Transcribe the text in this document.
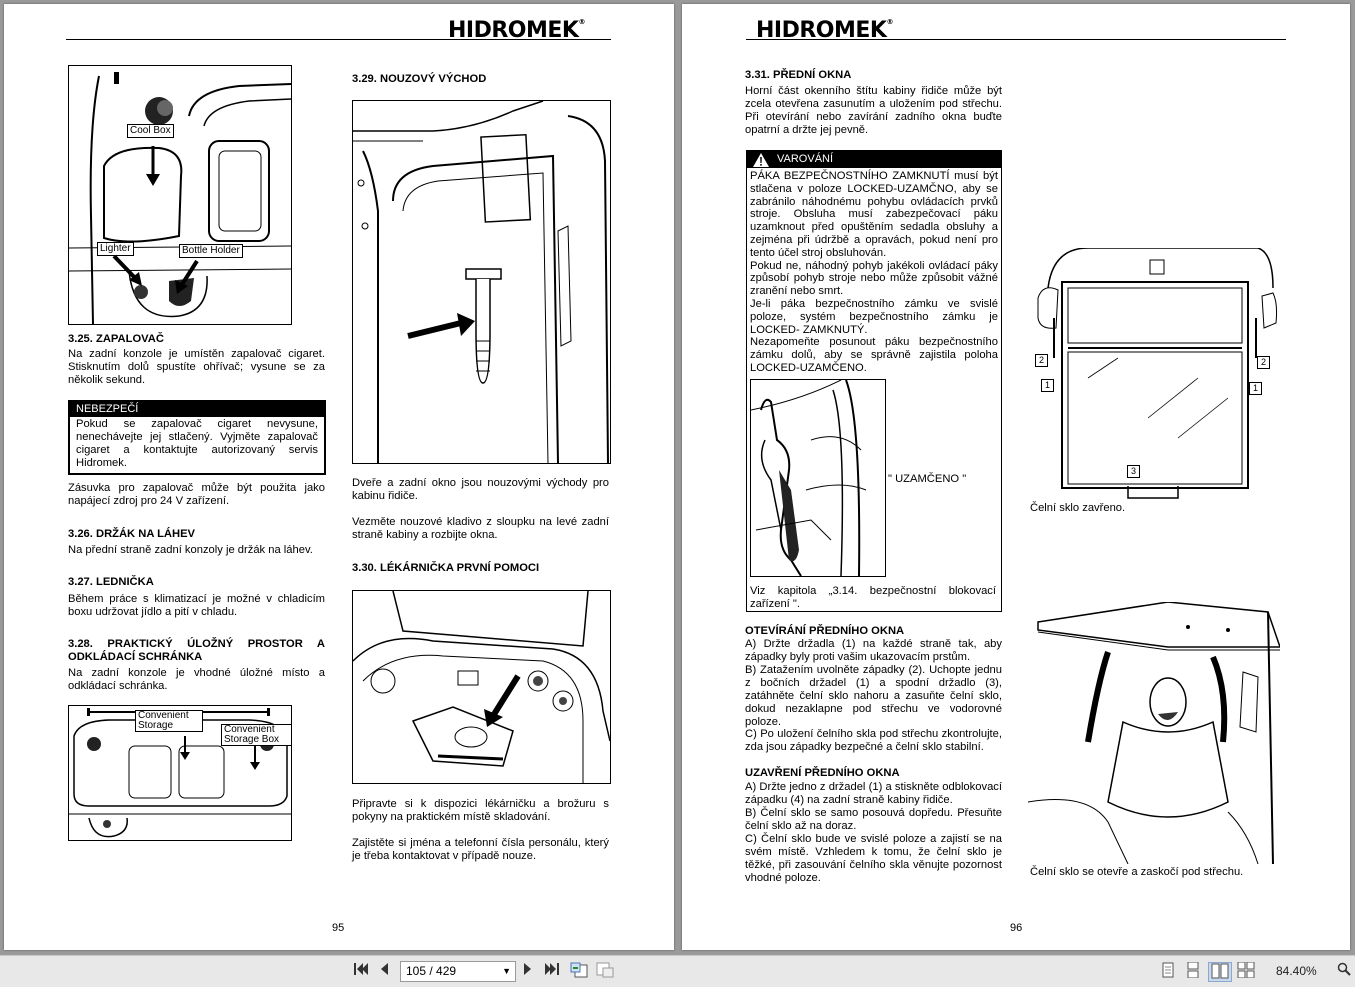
HIDROMEK®
Cool Box
Lighter	Bottle Holder

3.25. ZAPALOVAČ

Na zadní konzole je umístěn zapalovač cigaret. Stisknutím dolů spustíte ohřívač; vysune se za několik sekund.

NEBEZPEČÍ
Pokud se zapalovač cigaret nevysune, nenechávejte jej stlačený. Vyjměte zapalovač cigaret a kontaktujte autorizovaný servis Hidromek.

Zásuvka pro zapalovač může být použita jako napájecí zdroj pro 24 V zařízení.

3.26. DRŽÁK NA LÁHEV

Na přední straně zadní konzoly je držák na láhev.

3.27. LEDNIČKA

Během práce s klimatizací je možné v chladicím boxu udržovat jídlo a pití v chladu.

3.28. PRAKTICKÝ ÚLOŽNÝ PROSTOR A ODKLÁDACÍ SCHRÁNKA

Na zadní konzole je vhodné úložné místo a odkládací schránka.

Convenient Storage	Convenient Storage Box

3.29. NOUZOVÝ VÝCHOD

Dveře a zadní okno jsou nouzovými východy pro kabinu řidiče.

Vezměte nouzové kladivo z sloupku na levé zadní straně kabiny a rozbijte okna.

3.30. LÉKÁRNIČKA PRVNÍ POMOCI

Připravte si k dispozici lékárničku a brožuru s pokyny na praktickém místě skladování.

Zajistěte si jména a telefonní čísla personálu, který je třeba kontaktovat v případě nouze.

95
HIDROMEK®

3.31. PŘEDNÍ OKNA

Horní část okenního štítu kabiny řidiče může být zcela otevřena zasunutím a uložením pod střechu. Při otevírání nebo zavírání zadního okna buďte opatrní a držte jej pevně.

VAROVÁNÍ
PÁKA BEZPEČNOSTNÍHO ZAMKNUTÍ musí být stlačena v poloze LOCKED-UZAMČNO, aby se zabránilo náhodnému pohybu ovládacích prvků stroje. Obsluha musí zabezpečovací páku uzamknout před opuštěním sedadla obsluhy a zejména při údržbě a opravách, pokud není pro tento účel stroj obsluhován.
Pokud ne, náhodný pohyb jakékoli ovládací páky způsobí pohyb stroje nebo může způsobit vážné zranění nebo smrt.
Je-li páka bezpečnostního zámku ve svislé poloze, systém bezpečnostního zámku je LOCKED- ZAMKNUTÝ.
Nezapomeňte posunout páku bezpečnostního zámku dolů, aby se správně zajistila poloha LOCKED-UZAMČENO.
" UZAMČENO "
Viz kapitola „3.14. bezpečnostní blokovací zařízení ".

OTEVÍRÁNÍ PŘEDNÍHO OKNA

A) Držte držadla (1) na každé straně tak, aby západky byly proti vašim ukazovacím prstům.

B) Zatažením uvolněte západky (2). Uchopte jednu z bočních držadel (1) a spodní držadlo (3), zatáhněte čelní sklo nahoru a zasuňte čelní sklo, dokud nezaklapne pod střechu ve vodorovné poloze.

C) Po uložení čelního skla pod střechu zkontrolujte, zda jsou západky bezpečné a čelní sklo stabilní.

UZAVŘENÍ PŘEDNÍHO OKNA

A) Držte jedno z držadel (1) a stiskněte odblokovací západku (4) na zadní straně kabiny řidiče.

B) Čelní sklo se samo posouvá dopředu. Přesuňte čelní sklo až na doraz.

C) Čelní sklo bude ve svislé poloze a zajistí se na svém místě. Vzhledem k tomu, že čelní sklo je těžké, při zasouvání čelního skla věnujte pozornost vhodné poloze.

2
1
2
1
3
Čelní sklo zavřeno.
Čelní sklo se otevře a zaskočí pod střechu.
96
105 / 429	▼	84.40%
